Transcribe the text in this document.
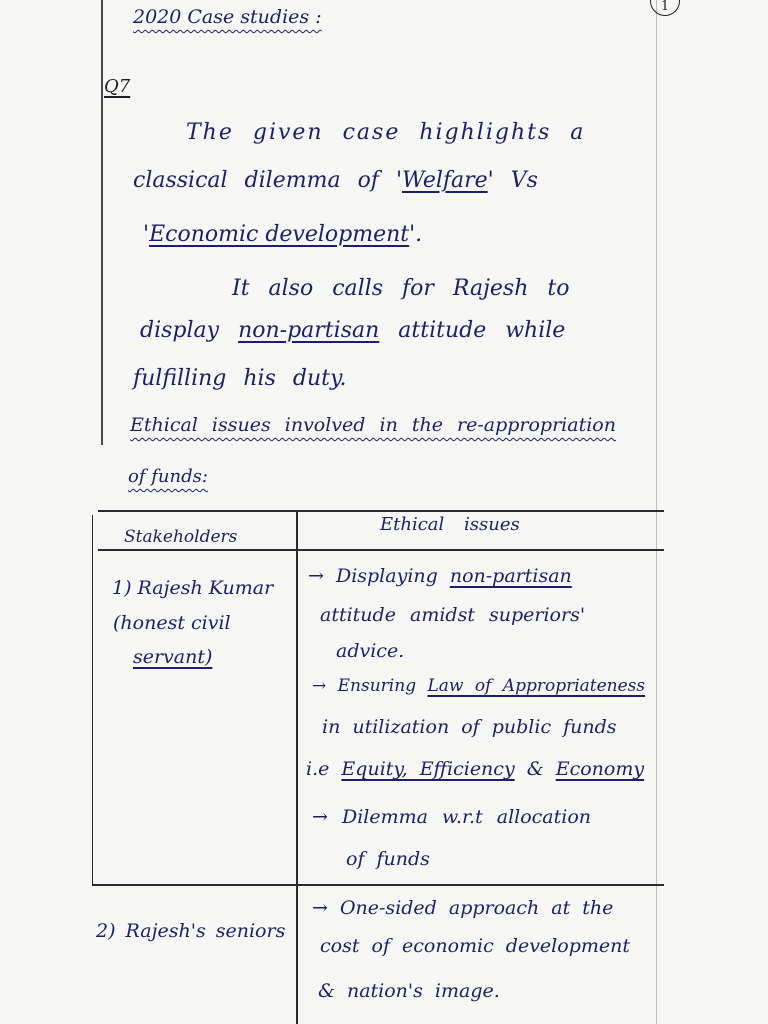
1
2020 Case studies :
Q7
The given case highlights a
classical dilemma of 'Welfare' Vs
'Economic development'.
It also calls for Rajesh to
display non-partisan attitude while
fulfilling his duty.
Ethical issues involved in the re-appropriation
of funds:
Stakeholders
Ethical issues
1) Rajesh Kumar
(honest civil
servant)
→ Displaying non-partisan
attitude amidst superiors'
advice.
→ Ensuring Law of Appropriateness
in utilization of public funds
i.e Equity, Efficiency & Economy
→ Dilemma w.r.t allocation
of funds
2) Rajesh's seniors
→ One-sided approach at the
cost of economic development
& nation's image.
